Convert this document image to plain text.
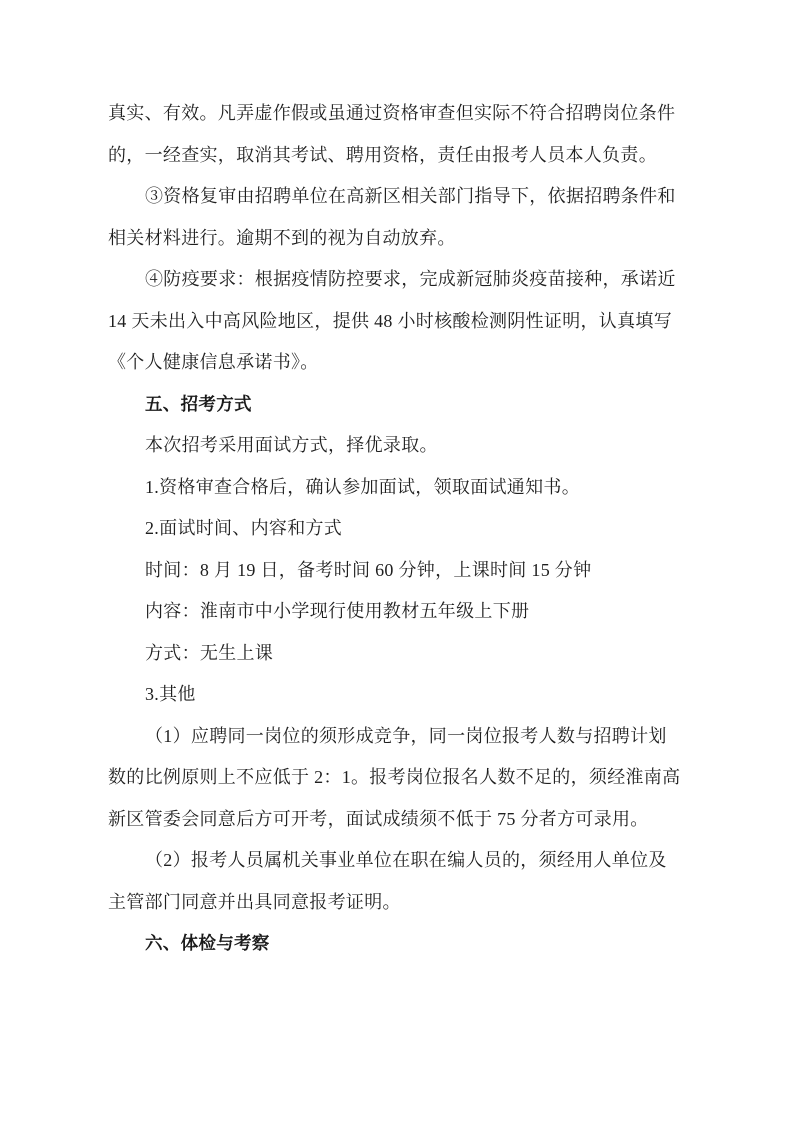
真实、有效。凡弄虚作假或虽通过资格审查但实际不符合招聘岗位条件
的，一经查实，取消其考试、聘用资格，责任由报考人员本人负责。
③资格复审由招聘单位在高新区相关部门指导下，依据招聘条件和
相关材料进行。逾期不到的视为自动放弃。
④防疫要求：根据疫情防控要求，完成新冠肺炎疫苗接种，承诺近
14 天未出入中高风险地区，提供 48 小时核酸检测阴性证明，认真填写
《个人健康信息承诺书》。
五、招考方式
本次招考采用面试方式，择优录取。
1.资格审查合格后，确认参加面试，领取面试通知书。
2.面试时间、内容和方式
时间：8 月 19 日，备考时间 60 分钟，上课时间 15 分钟
内容：淮南市中小学现行使用教材五年级上下册
方式：无生上课
3.其他
（1）应聘同一岗位的须形成竞争，同一岗位报考人数与招聘计划
数的比例原则上不应低于 2：1。报考岗位报名人数不足的，须经淮南高
新区管委会同意后方可开考，面试成绩须不低于 75 分者方可录用。
（2）报考人员属机关事业单位在职在编人员的，须经用人单位及
主管部门同意并出具同意报考证明。
六、体检与考察
